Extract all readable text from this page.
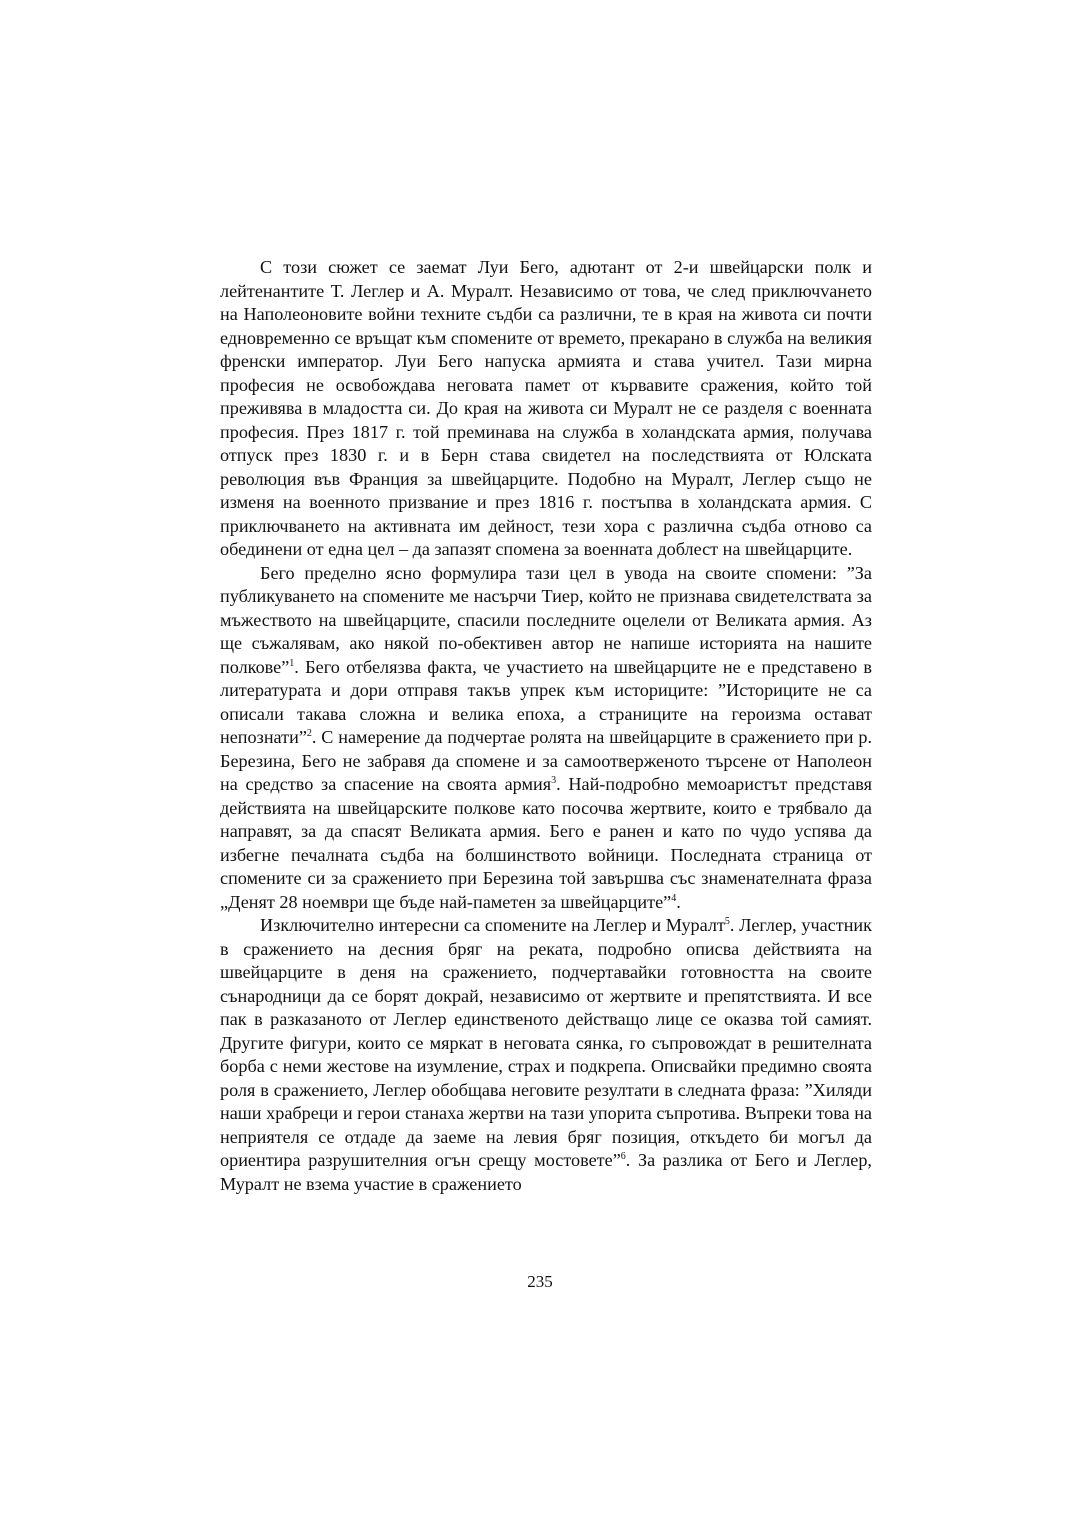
С този сюжет се заемат Луи Бего, адютант от 2-и швейцарски полк и лейтенантите Т. Леглер и А. Муралт. Независимо от това, че след приключvането на Наполеоновите войни техните съдби са различни, те в края на живота си почти едновременно се връщат към спомените от времето, прекарано в служба на великия френски император. Луи Бего напуска армията и става учител. Тази мирна професия не освобождава неговата памет от кървавите сражения, който той преживява в младостта си. До края на живота си Муралт не се разделя с военната професия. През 1817 г. той преминава на служба в холандската армия, получава отпуск през 1830 г. и в Берн става свидетел на последствията от Юлската революция във Франция за швейцарците. Подобно на Муралт, Леглер също не изменя на военното призвание и през 1816 г. постъпва в холандската армия. С приключването на активната им дейност, тези хора с различна съдба отново са обединени от една цел – да запазят спомена за военната доблест на швейцарците.

Бего пределно ясно формулира тази цел в увода на своите спомени: ”За публикуването на спомените ме насърчи Тиер, който не признава свидетелствата за мъжеството на швейцарците, спасили последните оцелели от Великата армия. Аз ще съжалявам, ако някой по-обективен автор не напише историята на нашите полкове”$^1$. Бего отбелязва факта, че участието на швейцарците не е представено в литературата и дори отправя такъв упрек към историците: ”Историците не са описали такава сложна и велика епоха, а страниците на героизма остават непознати”$^2$. С намерение да подчертае ролята на швейцарците в сражението при р. Березина, Бего не забравя да спомене и за самоотверженото търсене от Наполеон на средство за спасение на своята армия$^3$. Най-подробно мемоаристът представя действията на швейцарските полкове като посочва жертвите, които е трябвало да направят, за да спасят Великата армия. Бего е ранен и като по чудо успява да избегне печалната съдба на болшинството войници. Последната страница от спомените си за сражението при Березина той завършва със знаменателната фраза „Денят 28 ноември ще бъде най-паметен за швейцарците”$^4$.

Изключително интересни са спомените на Леглер и Муралт$^5$. Леглер, участник в сражението на десния бряг на реката, подробно описва действията на швейцарците в деня на сражението, подчертавайки готовността на своите сънародници да се борят докрай, независимо от жертвите и препятствията. И все пак в разказаното от Леглер единственото действащо лице се оказва той самият. Другите фигури, които се мяркат в неговата сянка, го съпровождат в решителната борба с неми жестове на изумление, страх и подкрепа. Описвайки предимно своята роля в сражението, Леглер обобщава неговите резултати в следната фраза: ”Хиляди наши храбреци и герои станаха жертви на тази упорита съпротива. Въпреки това на неприятеля се отдаде да заеме на левия бряг позиция, откъдето би могъл да ориентира разрушителния огън срещу мостовете”$^6$. За разлика от Бего и Леглер, Муралт не взема участие в сражението

235
